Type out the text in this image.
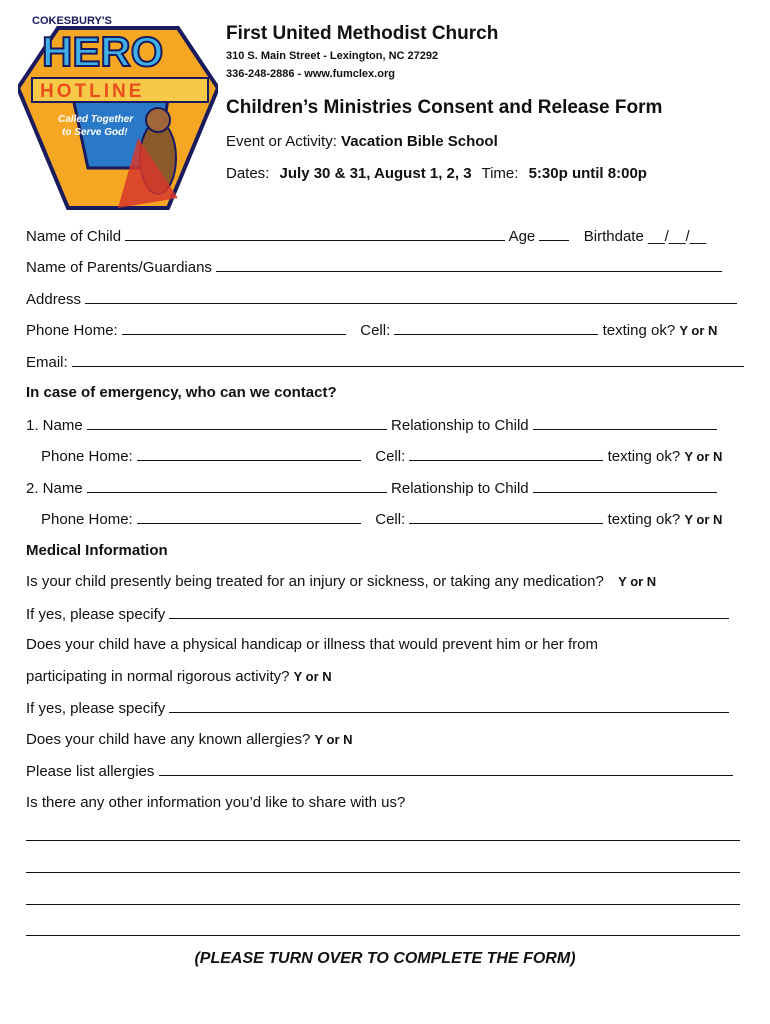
COKESBURY'S
HERO
HOTLINE
Called Together
to Serve God!
First United Methodist Church
310 S. Main Street - Lexington, NC 27292
336-248-2886 - www.fumclex.org
Children’s Ministries Consent and Release Form
Event or Activity: Vacation Bible School
Dates: July 30 & 31, August 1, 2, 3 Time: 5:30p until 8:00p
Name of Child	Age	Birthdate __/__/__
Name of Parents/Guardians
Address
Phone Home:	Cell:	texting ok? Y or N
Email:
In case of emergency, who can we contact?
1. Name	Relationship to Child
Phone Home:	Cell:	texting ok? Y or N
2. Name	Relationship to Child
Phone Home:	Cell:	texting ok? Y or N
Medical Information
Is your child presently being treated for an injury or sickness, or taking any medication? Y or N
If yes, please specify
Does your child have a physical handicap or illness that would prevent him or her from
participating in normal rigorous activity? Y or N
If yes, please specify
Does your child have any known allergies? Y or N
Please list allergies
Is there any other information you’d like to share with us?
(PLEASE TURN OVER TO COMPLETE THE FORM)
